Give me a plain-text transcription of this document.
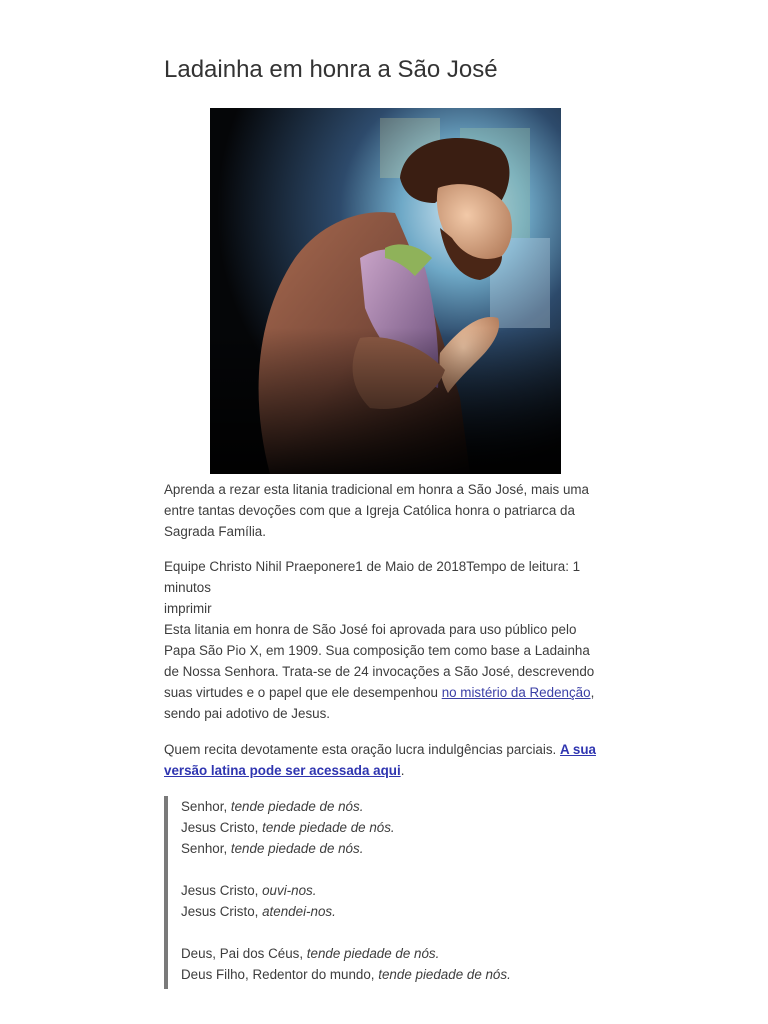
Ladainha em honra a São José

Aprenda a rezar esta litania tradicional em honra a São José, mais uma entre tantas devoções com que a Igreja Católica honra o patriarca da Sagrada Família.

Equipe Christo Nihil Praeponere1 de Maio de 2018Tempo de leitura: 1 minutos
imprimir
Esta litania em honra de São José foi aprovada para uso público pelo Papa São Pio X, em 1909. Sua composição tem como base a Ladainha de Nossa Senhora. Trata-se de 24 invocações a São José, descrevendo suas virtudes e o papel que ele desempenhou no mistério da Redenção, sendo pai adotivo de Jesus.

Quem recita devotamente esta oração lucra indulgências parciais. A sua versão latina pode ser acessada aqui.

Senhor, tende piedade de nós.
Jesus Cristo, tende piedade de nós.
Senhor, tende piedade de nós.
Jesus Cristo, ouvi-nos.
Jesus Cristo, atendei-nos.
Deus, Pai dos Céus, tende piedade de nós.
Deus Filho, Redentor do mundo, tende piedade de nós.
